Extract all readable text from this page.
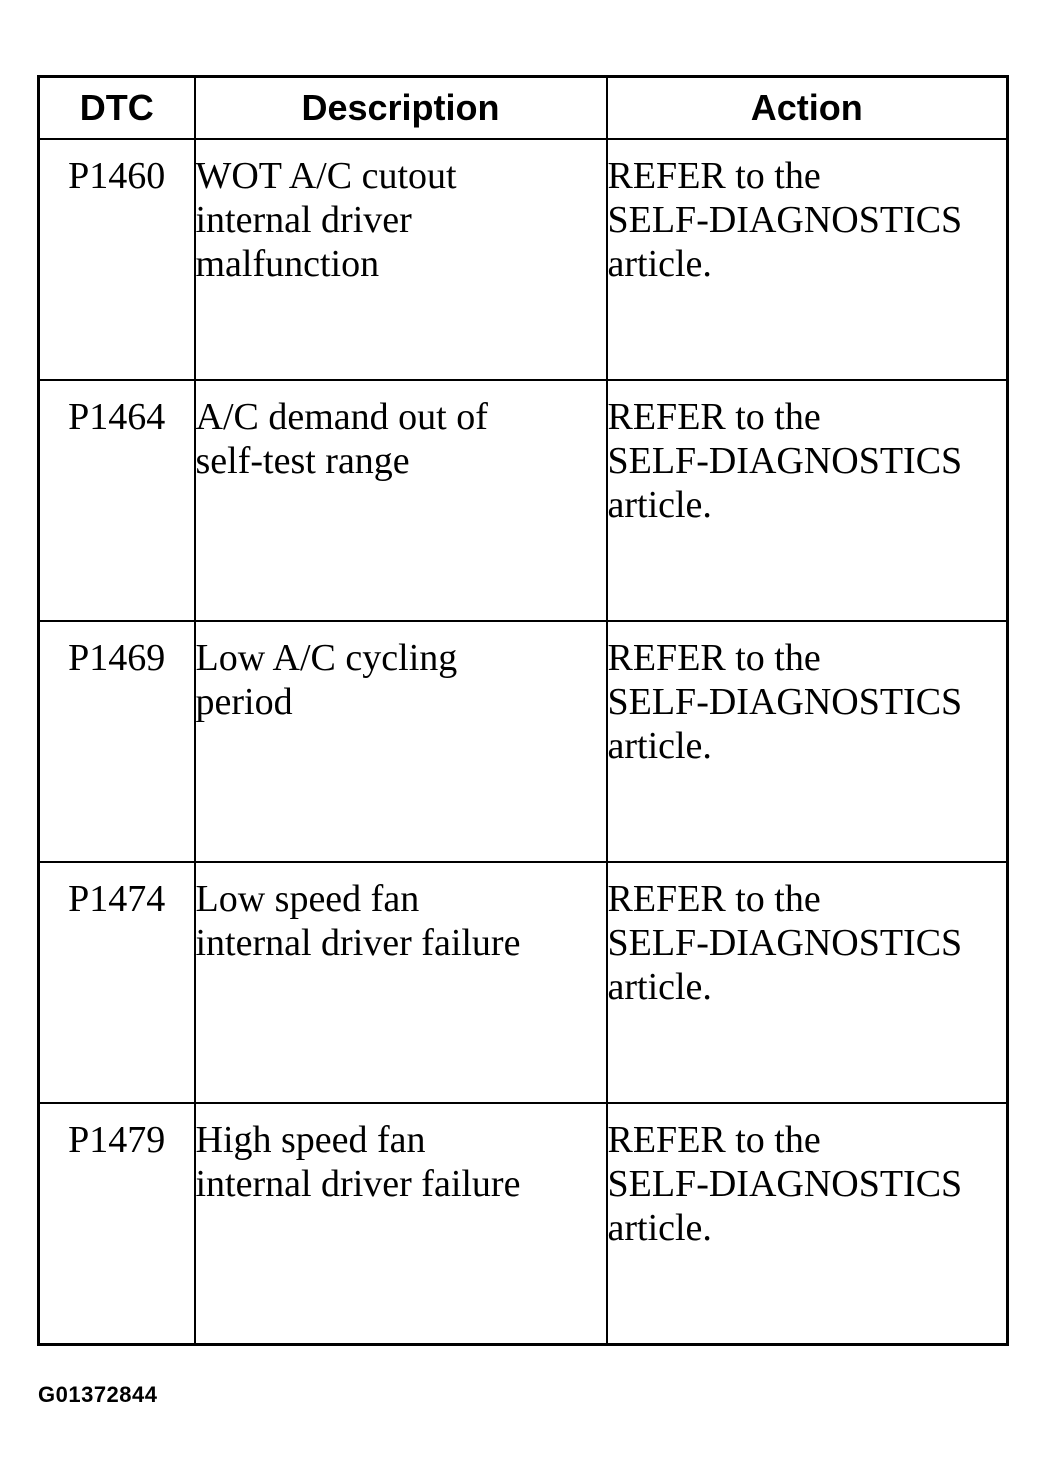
DTC	Description	Action
P1460	WOT A/C cutout
internal driver
malfunction	REFER to the
SELF-DIAGNOSTICS
article.

P1464	A/C demand out of
self-test range	REFER to the
SELF-DIAGNOSTICS
article.

P1469	Low A/C cycling
period	REFER to the
SELF-DIAGNOSTICS
article.

P1474	Low speed fan
internal driver failure	REFER to the
SELF-DIAGNOSTICS
article.

P1479	High speed fan
internal driver failure	REFER to the
SELF-DIAGNOSTICS
article.
G01372844
